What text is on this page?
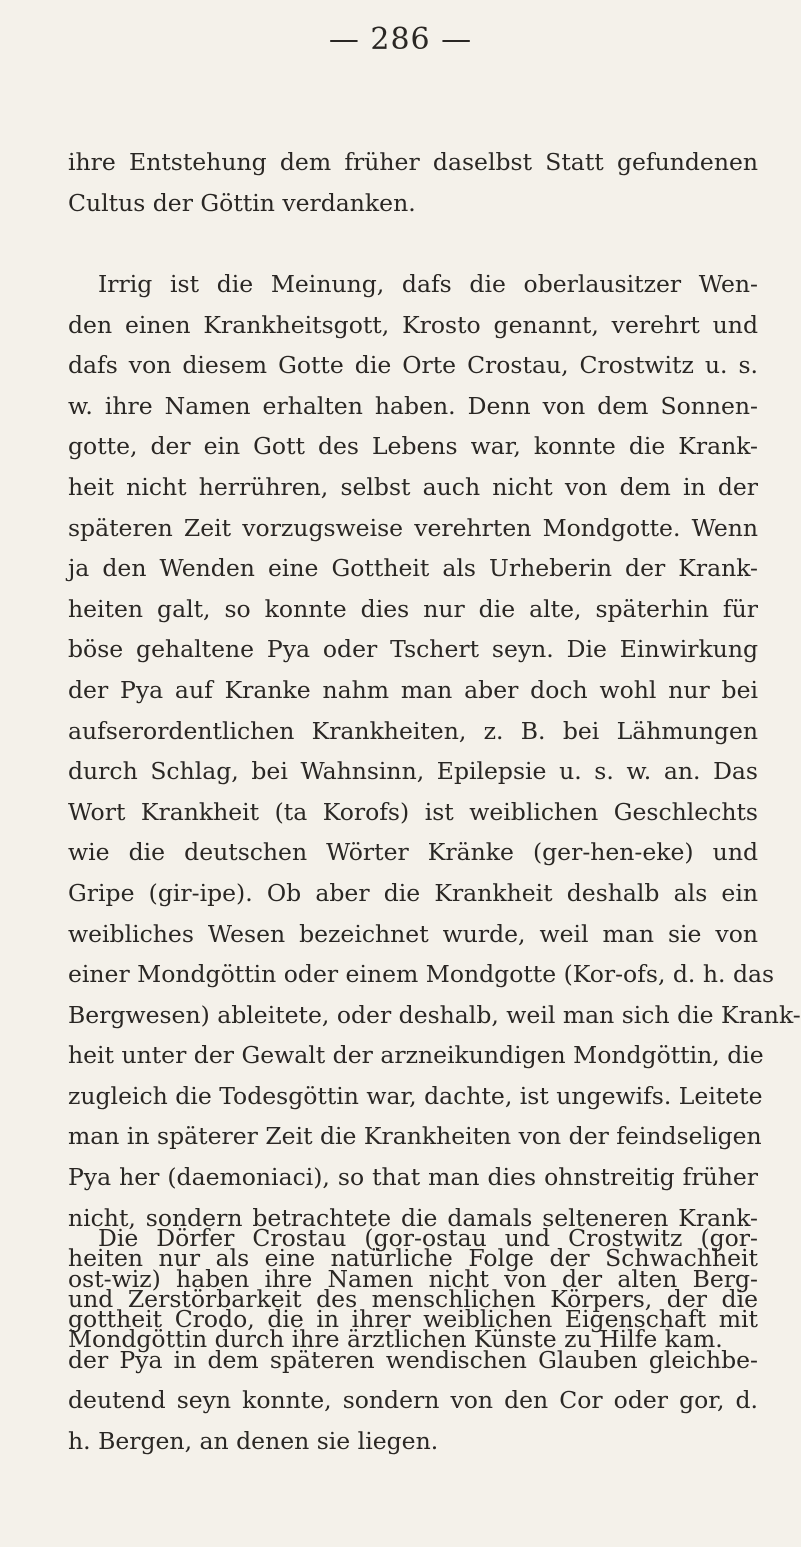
— 286 —
ihre Entstehung dem früher daselbst Statt gefundenen
Cultus der Göttin verdanken.
Irrig ist die Meinung, dafs die oberlausitzer Wen-
den einen Krankheitsgott, Krosto genannt, verehrt und
dafs von diesem Gotte die Orte Crostau, Crostwitz u. s.
w. ihre Namen erhalten haben. Denn von dem Sonnen-
gotte, der ein Gott des Lebens war, konnte die Krank-
heit nicht herrühren, selbst auch nicht von dem in der
späteren Zeit vorzugsweise verehrten Mondgotte. Wenn
ja den Wenden eine Gottheit als Urheberin der Krank-
heiten galt, so konnte dies nur die alte, späterhin für
böse gehaltene Pya oder Tschert seyn. Die Einwirkung
der Pya auf Kranke nahm man aber doch wohl nur bei
aufserordentlichen Krankheiten, z. B. bei Lähmungen
durch Schlag, bei Wahnsinn, Epilepsie u. s. w. an. Das
Wort Krankheit (ta Korofs) ist weiblichen Geschlechts
wie die deutschen Wörter Kränke (ger-hen-eke) und
Gripe (gir-ipe). Ob aber die Krankheit deshalb als ein
weibliches Wesen bezeichnet wurde, weil man sie von
einer Mondgöttin oder einem Mondgotte (Kor-ofs, d. h. das
Bergwesen) ableitete, oder deshalb, weil man sich die Krank-
heit unter der Gewalt der arzneikundigen Mondgöttin, die
zugleich die Todesgöttin war, dachte, ist ungewifs. Leitete
man in späterer Zeit die Krankheiten von der feindseligen
Pya her (daemoniaci), so that man dies ohnstreitig früher
nicht, sondern betrachtete die damals selteneren Krank-
heiten nur als eine natürliche Folge der Schwachheit
und Zerstörbarkeit des menschlichen Körpers, der die
Mondgöttin durch ihre ärztlichen Künste zu Hilfe kam.
Die Dörfer Crostau (gor-ostau und Crostwitz (gor-
ost-wiz) haben ihre Namen nicht von der alten Berg-
gottheit Crodo, die in ihrer weiblichen Eigenschaft mit
der Pya in dem späteren wendischen Glauben gleichbe-
deutend seyn konnte, sondern von den Cor oder gor, d.
h. Bergen, an denen sie liegen.
